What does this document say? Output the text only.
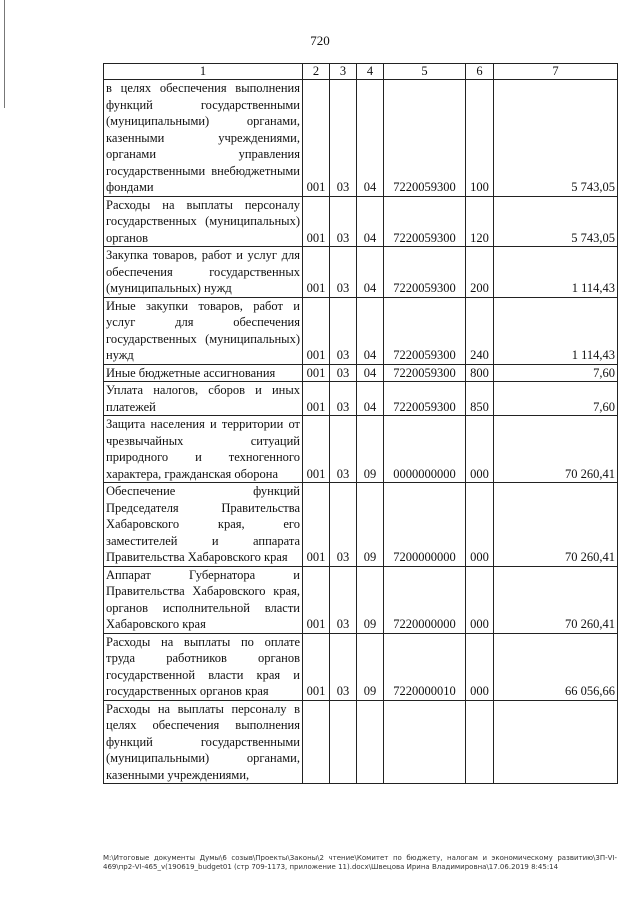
720
1	2	3	4	5	6	7
в целях обеспечения выполнения функций государственными (муниципальными) органами, казенными учреждениями, органами управления государственными внебюджетными фондами	001	03	04	7220059300	100	5 743,05
Расходы на выплаты персоналу государственных (муниципальных) органов	001	03	04	7220059300	120	5 743,05
Закупка товаров, работ и услуг для обеспечения государственных (муниципальных) нужд	001	03	04	7220059300	200	1 114,43
Иные закупки товаров, работ и услуг для обеспечения государственных (муниципальных) нужд	001	03	04	7220059300	240	1 114,43
Иные бюджетные ассигнования	001	03	04	7220059300	800	7,60
Уплата налогов, сборов и иных платежей	001	03	04	7220059300	850	7,60
Защита населения и территории от чрезвычайных ситуаций природного и техногенного характера, гражданская оборона	001	03	09	0000000000	000	70 260,41
Обеспечение функций Председателя Правительства Хабаровского края, его заместителей и аппарата Правительства Хабаровского края	001	03	09	7200000000	000	70 260,41
Аппарат Губернатора и Правительства Хабаровского края, органов исполнительной власти Хабаровского края	001	03	09	7220000000	000	70 260,41
Расходы на выплаты по оплате труда работников органов государственной власти края и государственных органов края	001	03	09	7220000010	000	66 056,66
Расходы на выплаты персоналу в целях обеспечения выполнения функций государственными (муниципальными) органами, казенными учреждениями,						
M:\Итоговые документы Думы\6 созыв\Проекты\Законы\2 чтение\Комитет по бюджету, налогам и экономическому развитию\3П-VI-469\пр2-VI-465_v(190619_budget01 (стр 709-1173, приложение 11).docx\Швецова Ирина Владимировна\17.06.2019 8:45:14
